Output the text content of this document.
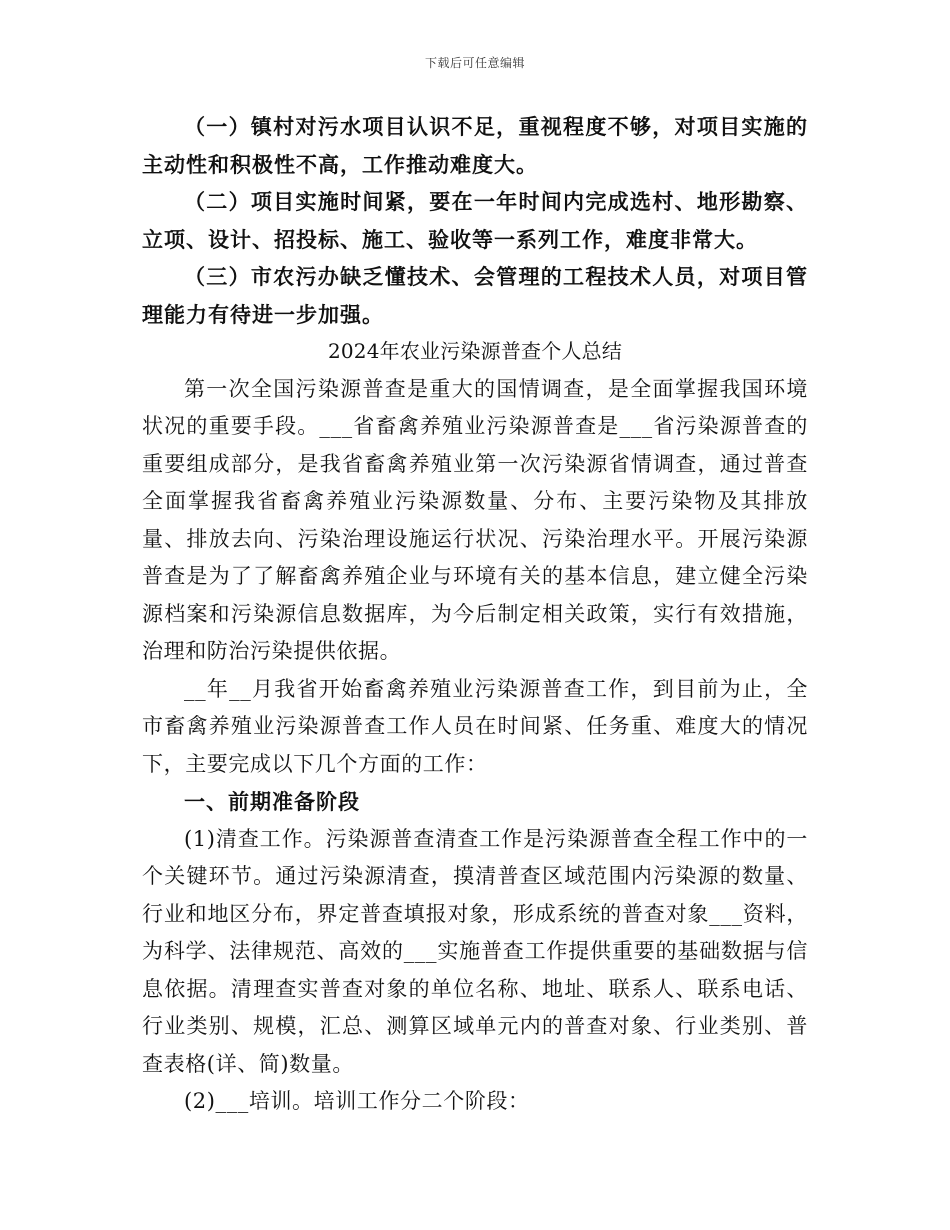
下载后可任意编辑

（一）镇村对污水项目认识不足，重视程度不够，对项目实施的主动性和积极性不高，工作推动难度大。

（二）项目实施时间紧，要在一年时间内完成选村、地形勘察、立项、设计、招投标、施工、验收等一系列工作，难度非常大。

（三）市农污办缺乏懂技术、会管理的工程技术人员，对项目管理能力有待进一步加强。

2024年农业污染源普查个人总结

第一次全国污染源普查是重大的国情调查，是全面掌握我国环境状况的重要手段。___省畜禽养殖业污染源普查是___省污染源普查的重要组成部分，是我省畜禽养殖业第一次污染源省情调查，通过普查全面掌握我省畜禽养殖业污染源数量、分布、主要污染物及其排放量、排放去向、污染治理设施运行状况、污染治理水平。开展污染源普查是为了了解畜禽养殖企业与环境有关的基本信息，建立健全污染源档案和污染源信息数据库，为今后制定相关政策，实行有效措施，治理和防治污染提供依据。

__年__月我省开始畜禽养殖业污染源普查工作，到目前为止，全市畜禽养殖业污染源普查工作人员在时间紧、任务重、难度大的情况下，主要完成以下几个方面的工作：

一、前期准备阶段

(1)清查工作。污染源普查清查工作是污染源普查全程工作中的一个关键环节。通过污染源清查，摸清普查区域范围内污染源的数量、行业和地区分布，界定普查填报对象，形成系统的普查对象___资料，为科学、法律规范、高效的___实施普查工作提供重要的基础数据与信息依据。清理查实普查对象的单位名称、地址、联系人、联系电话、行业类别、规模，汇总、测算区域单元内的普查对象、行业类别、普查表格(详、简)数量。

(2)___培训。培训工作分二个阶段：
